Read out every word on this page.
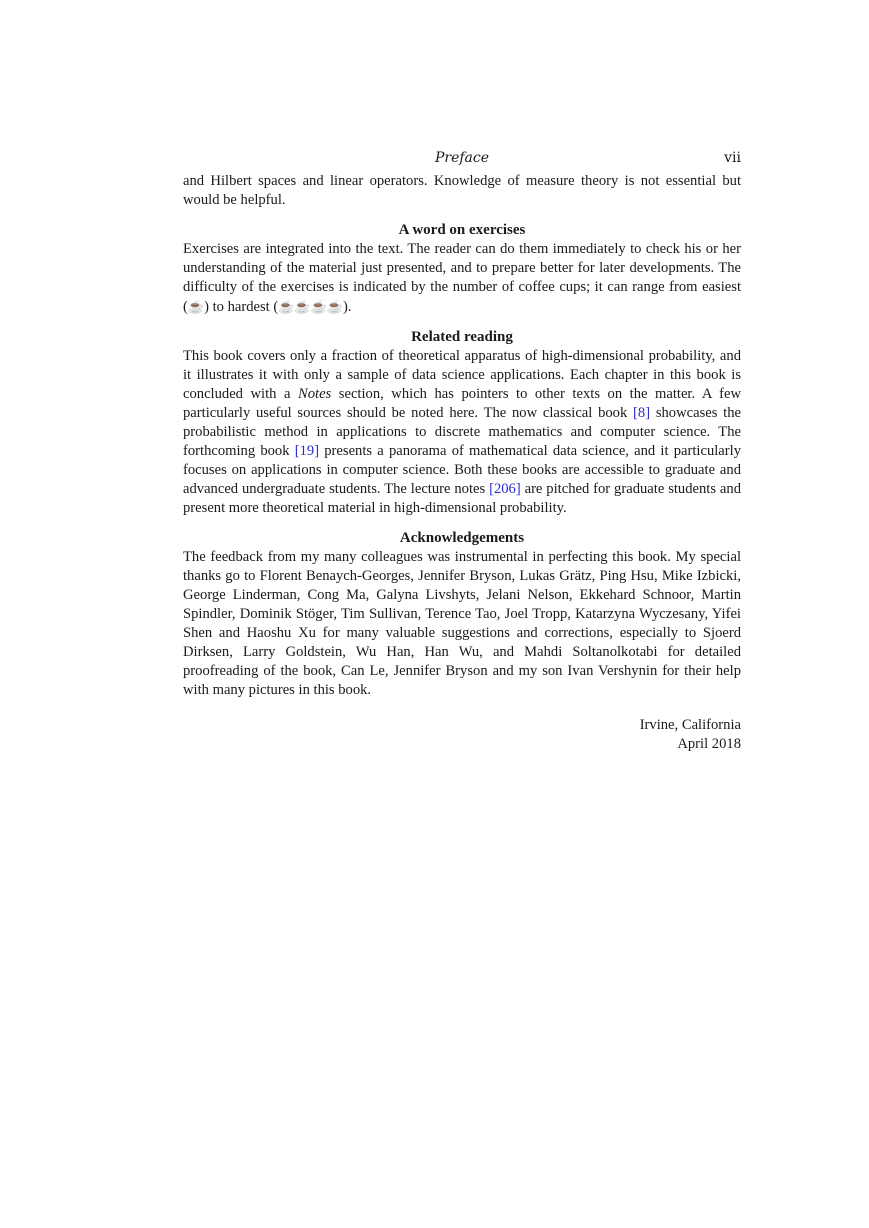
Preface	vii

and Hilbert spaces and linear operators. Knowledge of measure theory is not essential but would be helpful.

A word on exercises

Exercises are integrated into the text. The reader can do them immediately to check his or her understanding of the material just presented, and to prepare better for later developments. The difficulty of the exercises is indicated by the number of coffee cups; it can range from easiest (☕) to hardest (☕☕☕☕).

Related reading

This book covers only a fraction of theoretical apparatus of high-dimensional probability, and it illustrates it with only a sample of data science applications. Each chapter in this book is concluded with a Notes section, which has pointers to other texts on the matter. A few particularly useful sources should be noted here. The now classical book [8] showcases the probabilistic method in applications to discrete mathematics and computer science. The forthcoming book [19] presents a panorama of mathematical data science, and it particularly focuses on applications in computer science. Both these books are accessible to graduate and advanced undergraduate students. The lecture notes [206] are pitched for graduate students and present more theoretical material in high-dimensional probability.

Acknowledgements

The feedback from my many colleagues was instrumental in perfecting this book. My special thanks go to Florent Benaych-Georges, Jennifer Bryson, Lukas Grätz, Ping Hsu, Mike Izbicki, George Linderman, Cong Ma, Galyna Livshyts, Jelani Nelson, Ekkehard Schnoor, Martin Spindler, Dominik Stöger, Tim Sullivan, Terence Tao, Joel Tropp, Katarzyna Wyczesany, Yifei Shen and Haoshu Xu for many valuable suggestions and corrections, especially to Sjoerd Dirksen, Larry Goldstein, Wu Han, Han Wu, and Mahdi Soltanolkotabi for detailed proofreading of the book, Can Le, Jennifer Bryson and my son Ivan Vershynin for their help with many pictures in this book.

Irvine, California
April 2018
